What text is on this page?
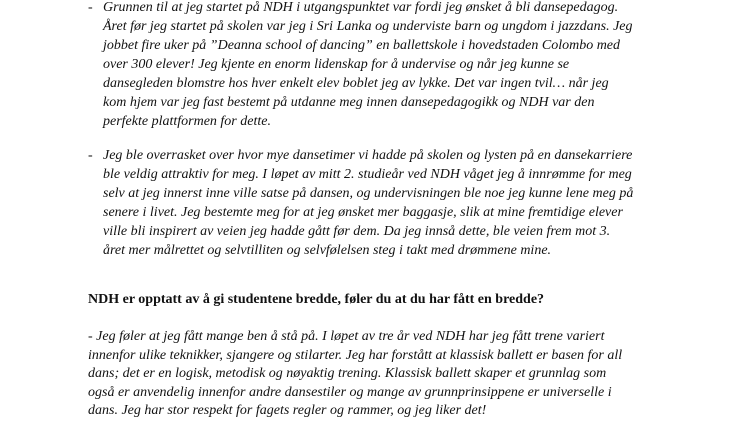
- Grunnen til at jeg startet på NDH i utgangspunktet var fordi jeg ønsket å bli dansepedagog.
Året før jeg startet på skolen var jeg i Sri Lanka og underviste barn og ungdom i jazzdans. Jeg
jobbet fire uker på ”Deanna school of dancing” en ballettskole i hovedstaden Colombo med
over 300 elever! Jeg kjente en enorm lidenskap for å undervise og når jeg kunne se
dansegleden blomstre hos hver enkelt elev boblet jeg av lykke. Det var ingen tvil… når jeg
kom hjem var jeg fast bestemt på utdanne meg innen dansepedagogikk og NDH var den
perfekte plattformen for dette.

- Jeg ble overrasket over hvor mye dansetimer vi hadde på skolen og lysten på en dansekarriere
ble veldig attraktiv for meg. I løpet av mitt 2. studieår ved NDH våget jeg å innrømme for meg
selv at jeg innerst inne ville satse på dansen, og undervisningen ble noe jeg kunne lene meg på
senere i livet. Jeg bestemte meg for at jeg ønsket mer baggasje, slik at mine fremtidige elever
ville bli inspirert av veien jeg hadde gått før dem. Da jeg innså dette, ble veien frem mot 3.
året mer målrettet og selvtilliten og selvfølelsen steg i takt med drømmene mine.

NDH er opptatt av å gi studentene bredde, føler du at du har fått en bredde?

- Jeg føler at jeg fått mange ben å stå på. I løpet av tre år ved NDH har jeg fått trene variert
innenfor ulike teknikker, sjangere og stilarter. Jeg har forstått at klassisk ballett er basen for all
dans; det er en logisk, metodisk og nøyaktig trening. Klassisk ballett skaper et grunnlag som
også er anvendelig innenfor andre dansestiler og mange av grunnprinsippene er universelle i
dans. Jeg har stor respekt for fagets regler og rammer, og jeg liker det!
